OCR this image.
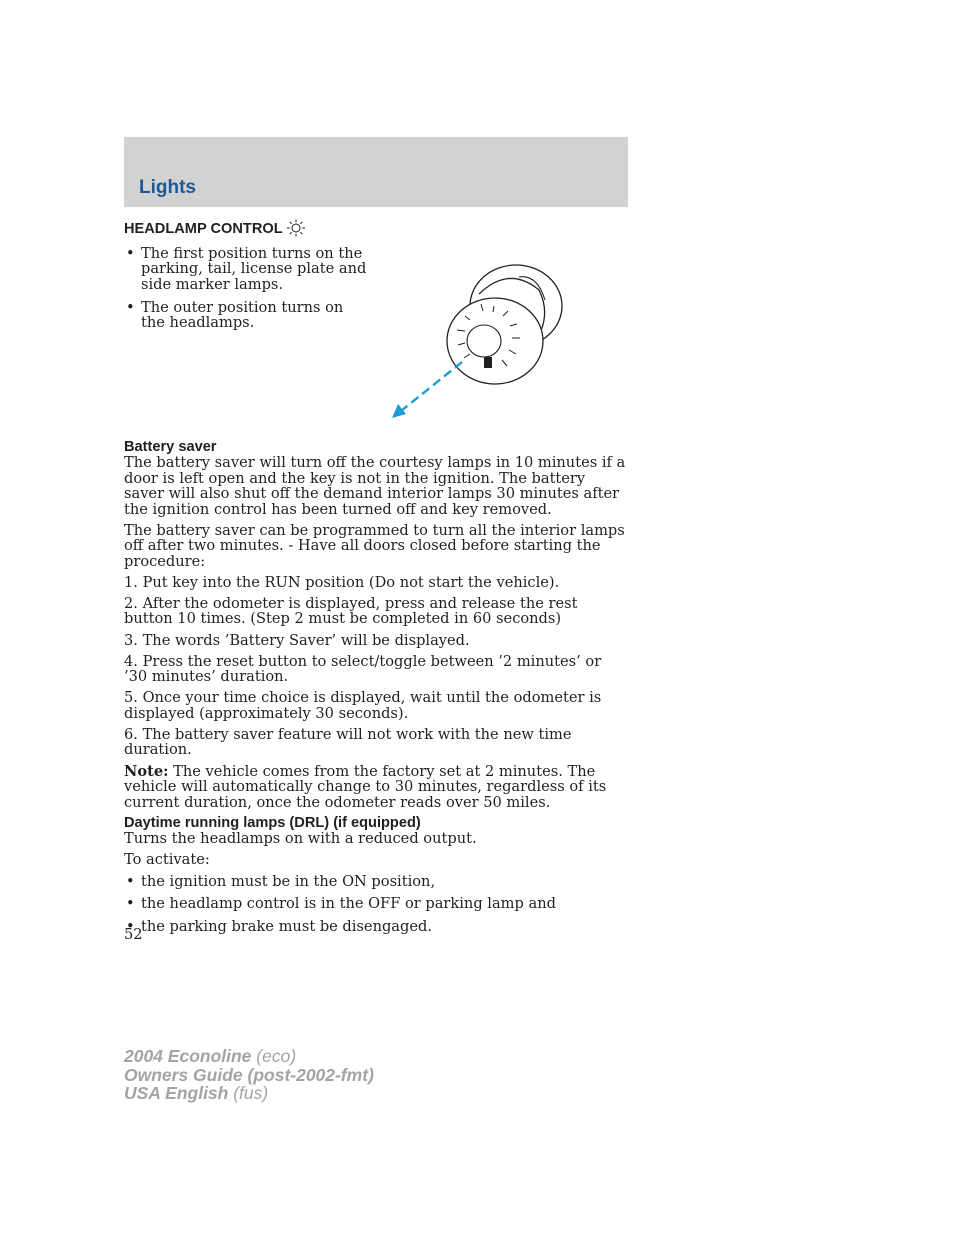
Lights
HEADLAMP CONTROL
• The first position turns on the parking, tail, license plate and side marker lamps.
• The outer position turns on the headlamps.
Battery saver

The battery saver will turn off the courtesy lamps in 10 minutes if a door is left open and the key is not in the ignition. The battery saver will also shut off the demand interior lamps 30 minutes after the ignition control has been turned off and key removed.

The battery saver can be programmed to turn all the interior lamps off after two minutes. - Have all doors closed before starting the procedure:

1. Put key into the RUN position (Do not start the vehicle).

2. After the odometer is displayed, press and release the rest button 10 times. (Step 2 must be completed in 60 seconds)

3. The words ’Battery Saver’ will be displayed.

4. Press the reset button to select/toggle between ’2 minutes’ or ’30 minutes’ duration.

5. Once your time choice is displayed, wait until the odometer is displayed (approximately 30 seconds).

6. The battery saver feature will not work with the new time duration.

Note: The vehicle comes from the factory set at 2 minutes. The vehicle will automatically change to 30 minutes, regardless of its current duration, once the odometer reads over 50 miles.

Daytime running lamps (DRL) (if equipped)

Turns the headlamps on with a reduced output.

To activate:

• the ignition must be in the ON position,
• the headlamp control is in the OFF or parking lamp and
• the parking brake must be disengaged.
52
2004 Econoline (eco)
Owners Guide (post-2002-fmt)
USA English (fus)
